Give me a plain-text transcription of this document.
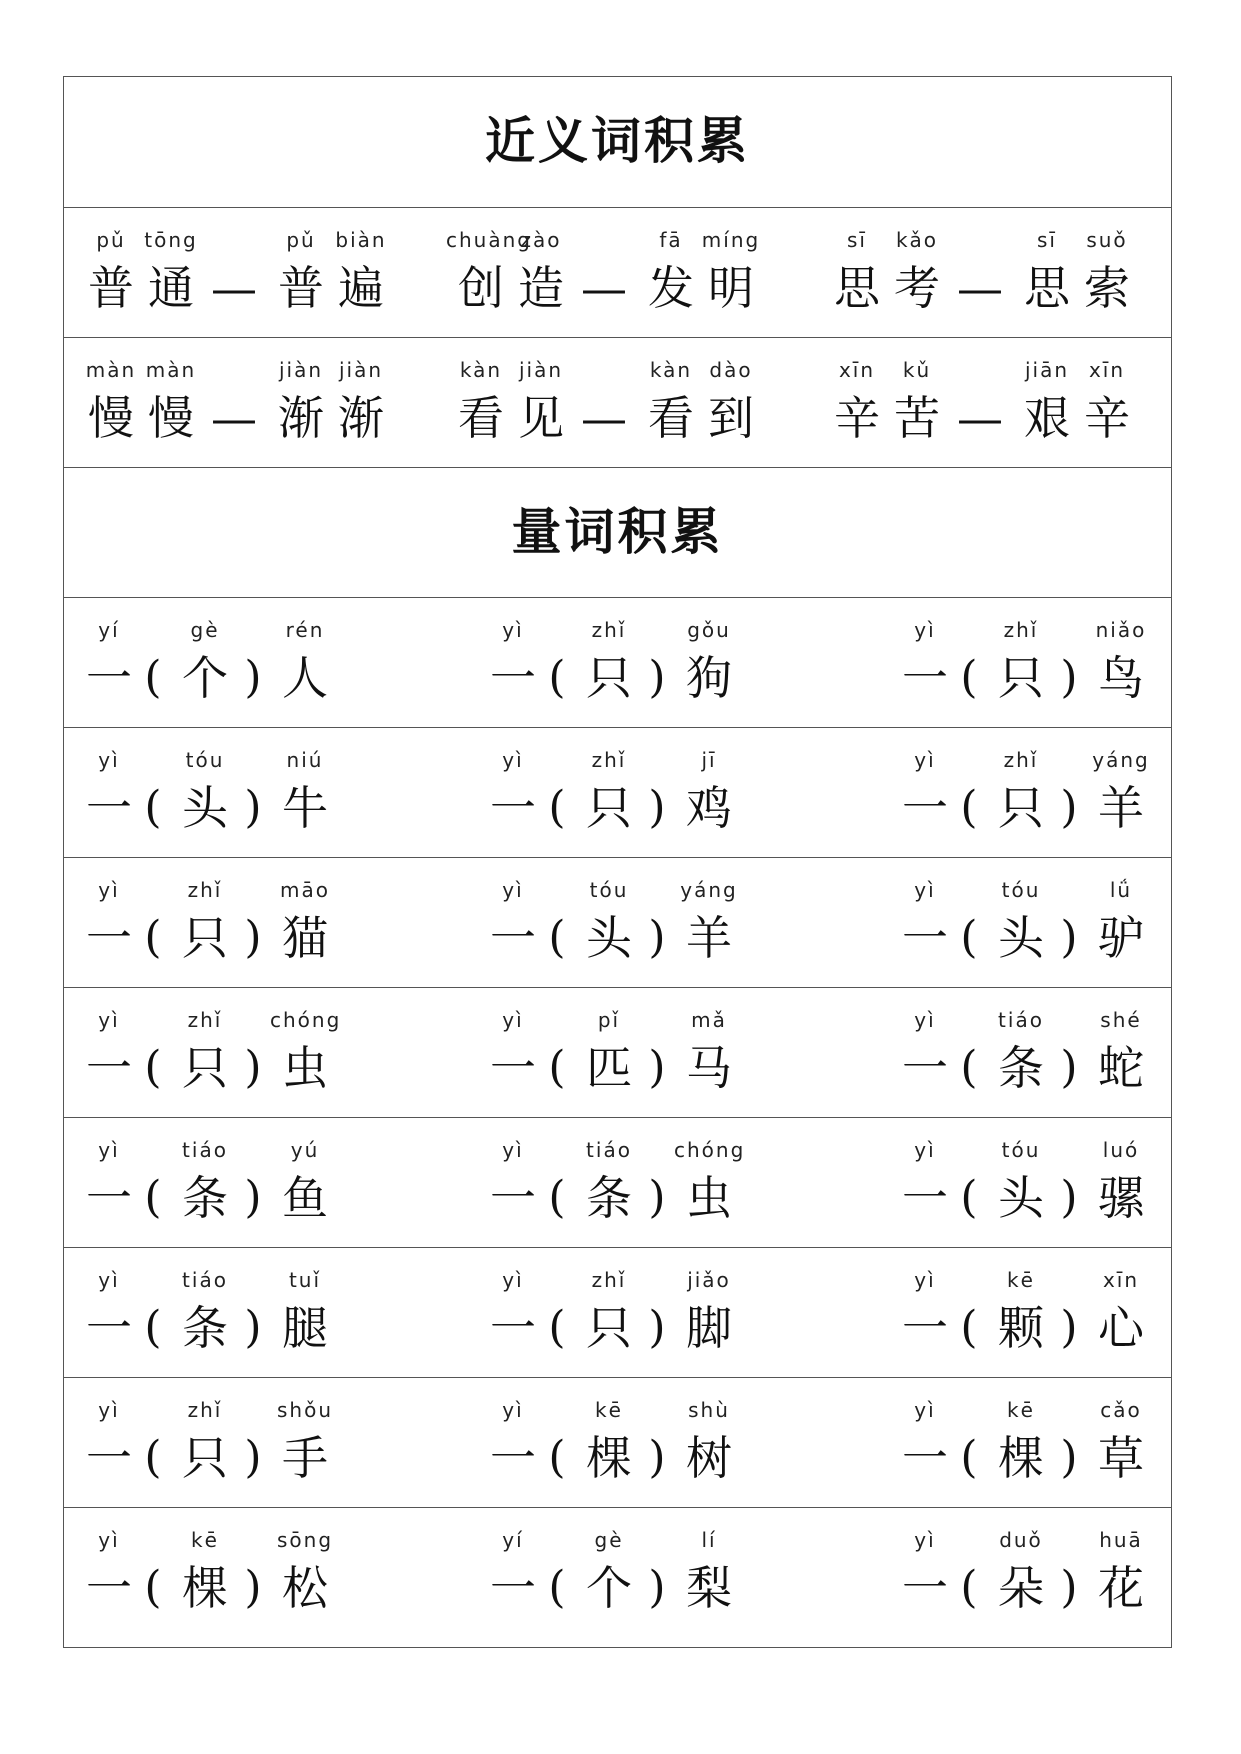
近义词积累
pǔ
普
tōng
通
pǔ
普
biàn
遍
—
chuàng
创
zào
造
fā
发
míng
明
—
sī
思
kǎo
考
sī
思
suǒ
索
—
màn
慢
màn
慢
jiàn
渐
jiàn
渐
—
kàn
看
jiàn
见
kàn
看
dào
到
—
xīn
辛
kǔ
苦
jiān
艰
xīn
辛
—
量词积累
yí
一 (
gè
个 )
rén
人
yì
一 (
zhǐ
只 )
gǒu
狗
yì
一 (
zhǐ
只 )
niǎo
鸟
yì
一 (
tóu
头 )
niú
牛
yì
一 (
zhǐ
只 )
jī
鸡
yì
一 (
zhǐ
只 )
yáng
羊
yì
一 (
zhǐ
只 )
māo
猫
yì
一 (
tóu
头 )
yáng
羊
yì
一 (
tóu
头 )
lǘ
驴
yì
一 (
zhǐ
只 )
chóng
虫
yì
一 (
pǐ
匹 )
mǎ
马
yì
一 (
tiáo
条 )
shé
蛇
yì
一 (
tiáo
条 )
yú
鱼
yì
一 (
tiáo
条 )
chóng
虫
yì
一 (
tóu
头 )
luó
骡
yì
一 (
tiáo
条 )
tuǐ
腿
yì
一 (
zhǐ
只 )
jiǎo
脚
yì
一 (
kē
颗 )
xīn
心
yì
一 (
zhǐ
只 )
shǒu
手
yì
一 (
kē
棵 )
shù
树
yì
一 (
kē
棵 )
cǎo
草
yì
一 (
kē
棵 )
sōng
松
yí
一 (
gè
个 )
lí
梨
yì
一 (
duǒ
朵 )
huā
花
